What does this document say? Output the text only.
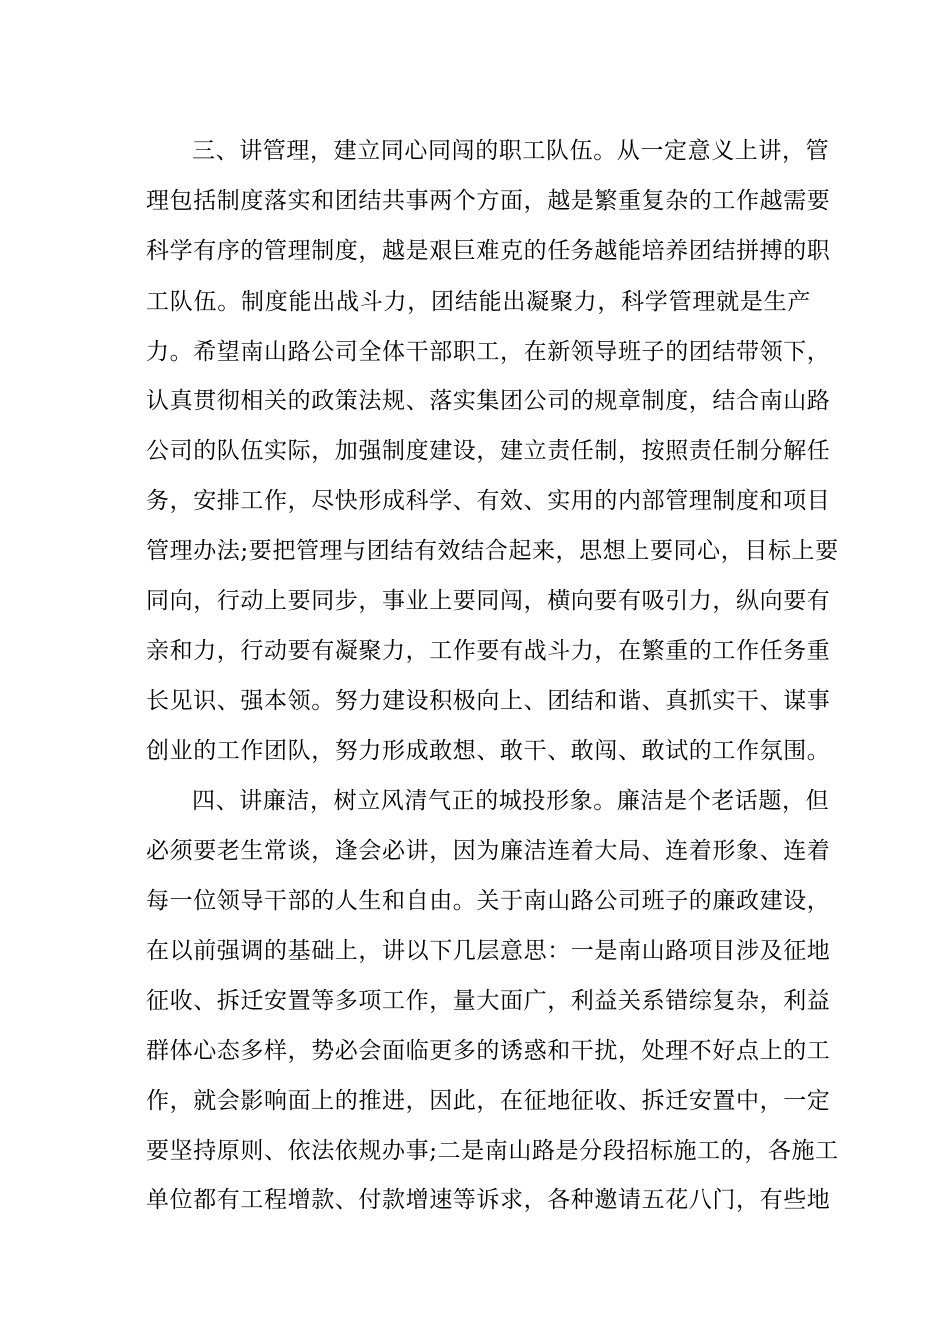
三、讲管理，建立同心同闯的职工队伍。从一定意义上讲，管
理包括制度落实和团结共事两个方面，越是繁重复杂的工作越需要
科学有序的管理制度，越是艰巨难克的任务越能培养团结拼搏的职
工队伍。制度能出战斗力，团结能出凝聚力，科学管理就是生产
力。希望南山路公司全体干部职工，在新领导班子的团结带领下，
认真贯彻相关的政策法规、落实集团公司的规章制度，结合南山路
公司的队伍实际，加强制度建设，建立责任制，按照责任制分解任
务，安排工作，尽快形成科学、有效、实用的内部管理制度和项目
管理办法;要把管理与团结有效结合起来，思想上要同心，目标上要
同向，行动上要同步，事业上要同闯，横向要有吸引力，纵向要有
亲和力，行动要有凝聚力，工作要有战斗力，在繁重的工作任务重
长见识、强本领。努力建设积极向上、团结和谐、真抓实干、谋事
创业的工作团队，努力形成敢想、敢干、敢闯、敢试的工作氛围。
四、讲廉洁，树立风清气正的城投形象。廉洁是个老话题，但
必须要老生常谈，逢会必讲，因为廉洁连着大局、连着形象、连着
每一位领导干部的人生和自由。关于南山路公司班子的廉政建设，
在以前强调的基础上，讲以下几层意思：一是南山路项目涉及征地
征收、拆迁安置等多项工作，量大面广，利益关系错综复杂，利益
群体心态多样，势必会面临更多的诱惑和干扰，处理不好点上的工
作，就会影响面上的推进，因此，在征地征收、拆迁安置中，一定
要坚持原则、依法依规办事;二是南山路是分段招标施工的，各施工
单位都有工程增款、付款增速等诉求，各种邀请五花八门，有些地
